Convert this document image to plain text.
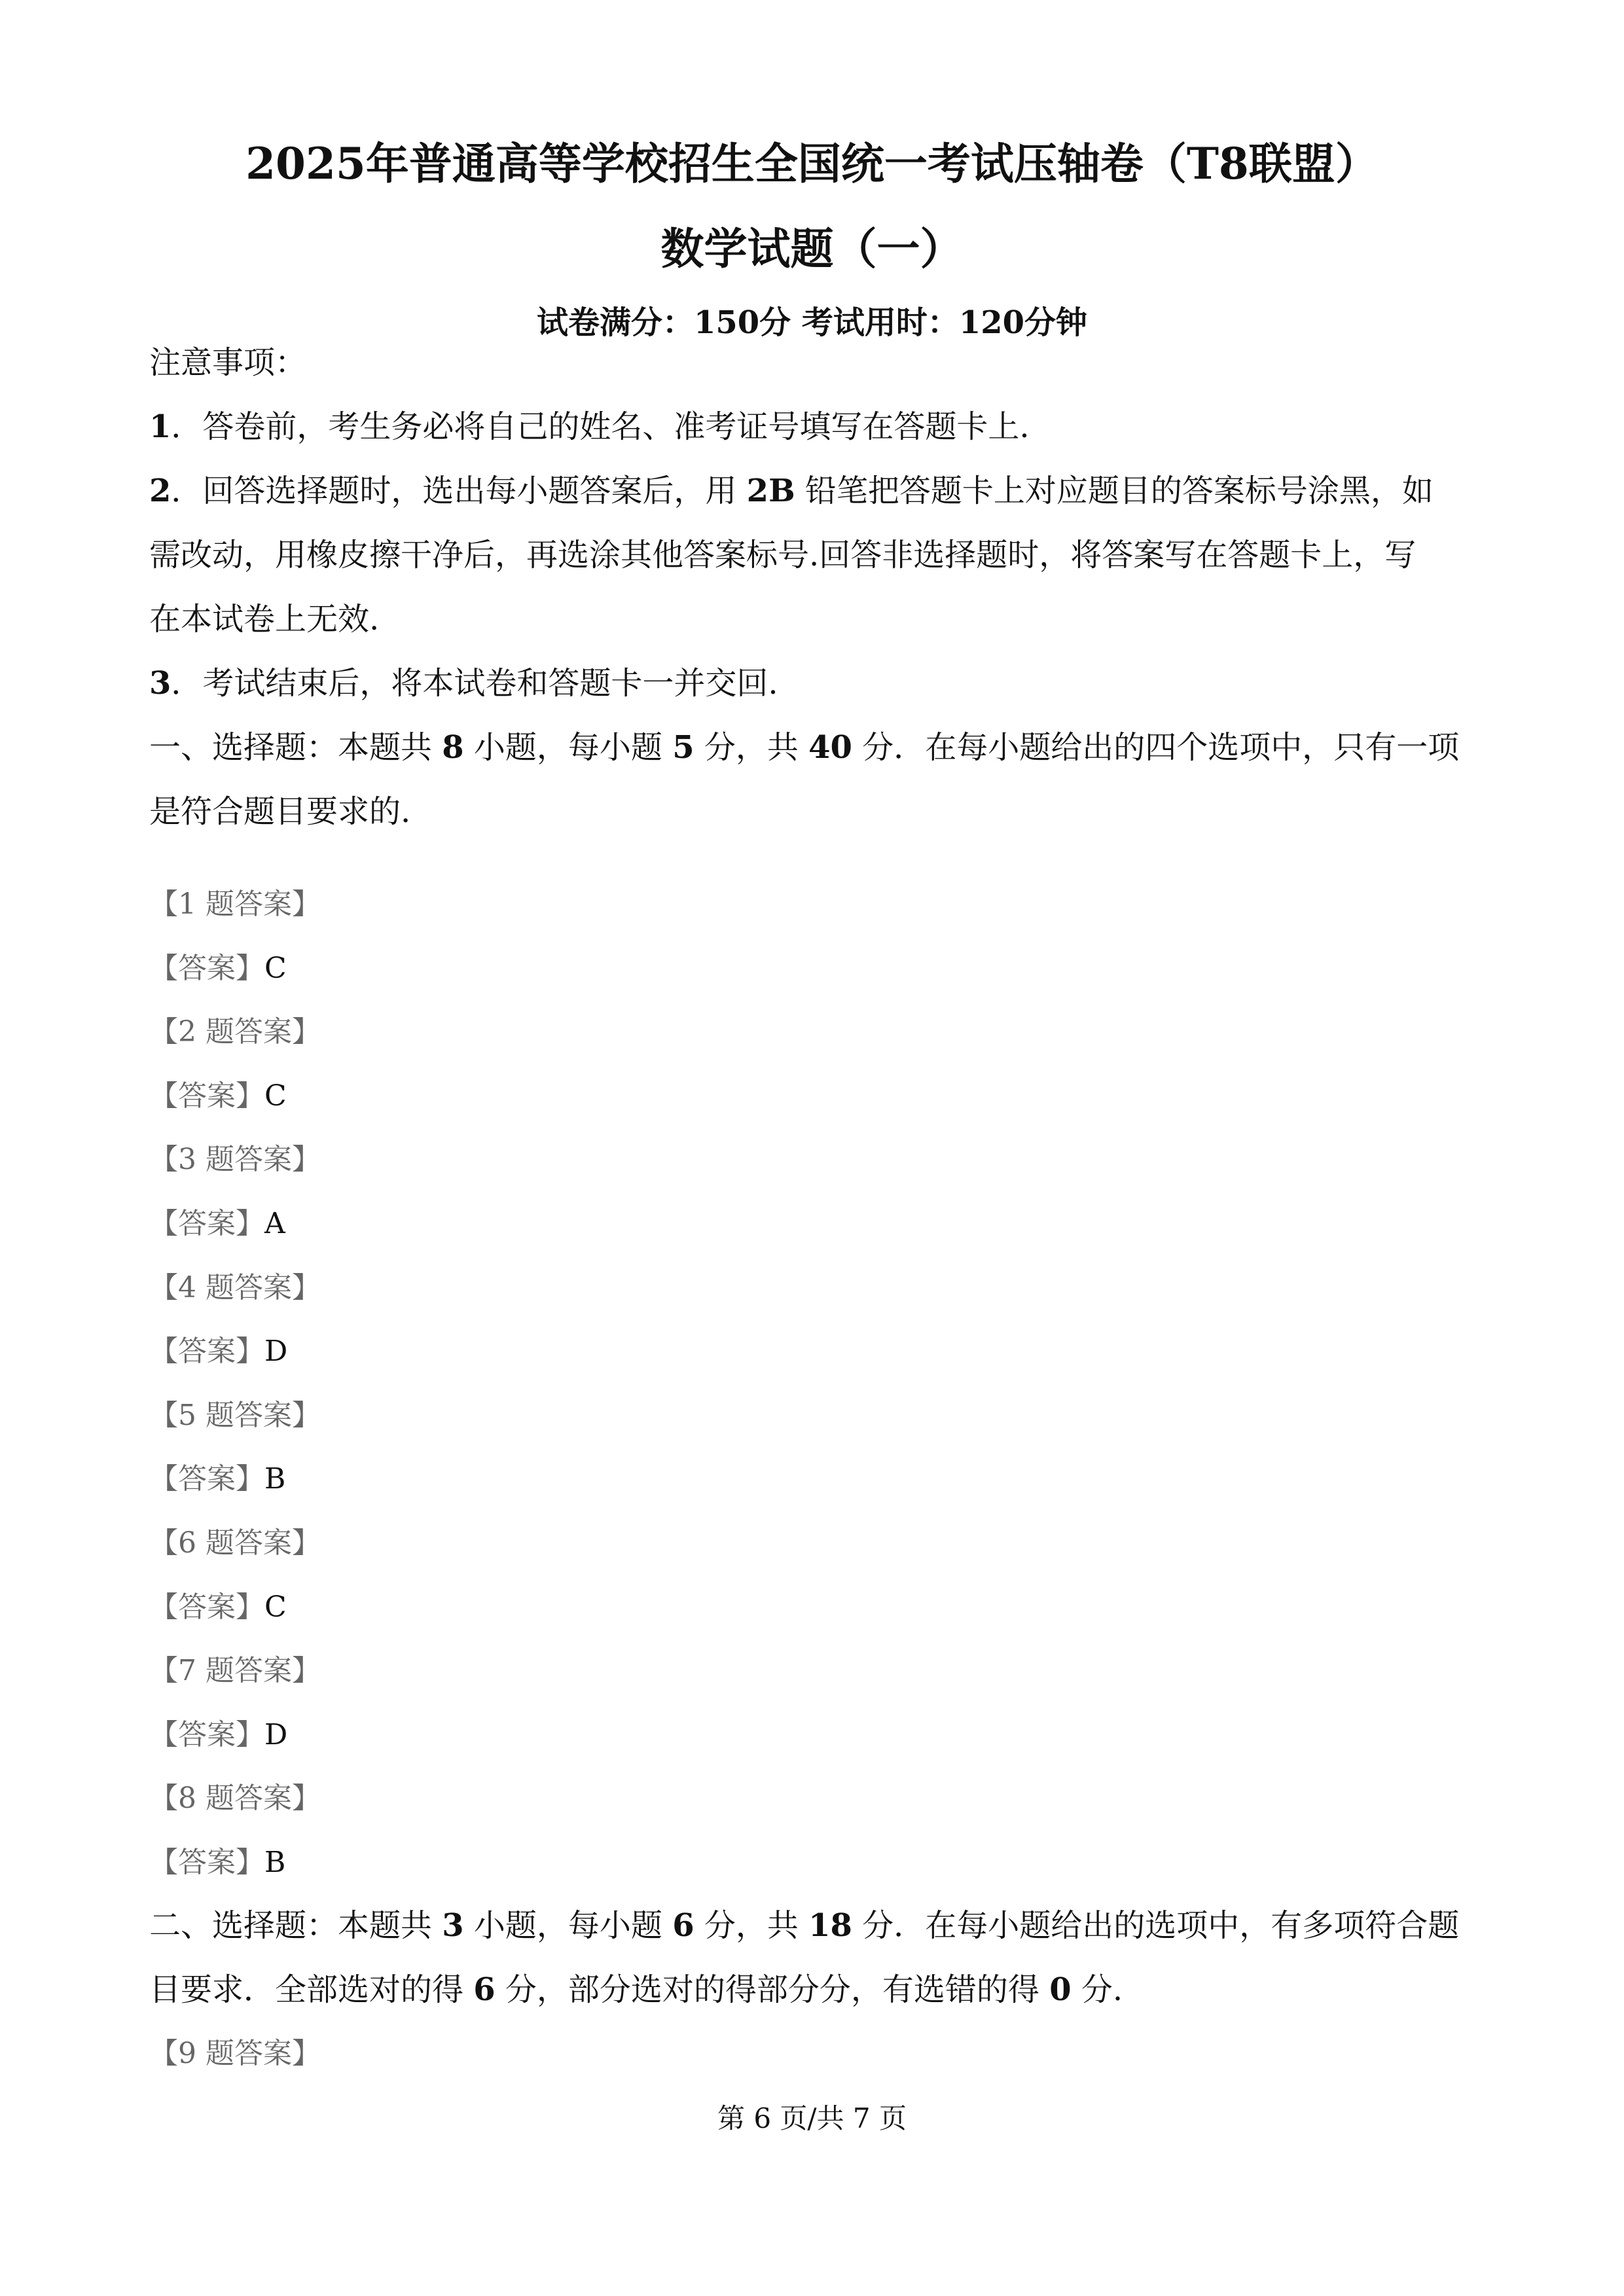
2025年普通高等学校招生全国统一考试压轴卷（T8联盟）
数学试题（一）
试卷满分：150分 考试用时：120分钟
注意事项：
1．答卷前，考生务必将自己的姓名、准考证号填写在答题卡上.
2．回答选择题时，选出每小题答案后，用 2B 铅笔把答题卡上对应题目的答案标号涂黑，如
需改动，用橡皮擦干净后，再选涂其他答案标号.回答非选择题时，将答案写在答题卡上，写
在本试卷上无效.
3．考试结束后，将本试卷和答题卡一并交回.
一、选择题：本题共 8 小题，每小题 5 分，共 40 分．在每小题给出的四个选项中，只有一项
是符合题目要求的.
【1 题答案】
【答案】C
【2 题答案】
【答案】C
【3 题答案】
【答案】A
【4 题答案】
【答案】D
【5 题答案】
【答案】B
【6 题答案】
【答案】C
【7 题答案】
【答案】D
【8 题答案】
【答案】B
二、选择题：本题共 3 小题，每小题 6 分，共 18 分．在每小题给出的选项中，有多项符合题
目要求．全部选对的得 6 分，部分选对的得部分分，有选错的得 0 分.
【9 题答案】
第 6 页/共 7 页
